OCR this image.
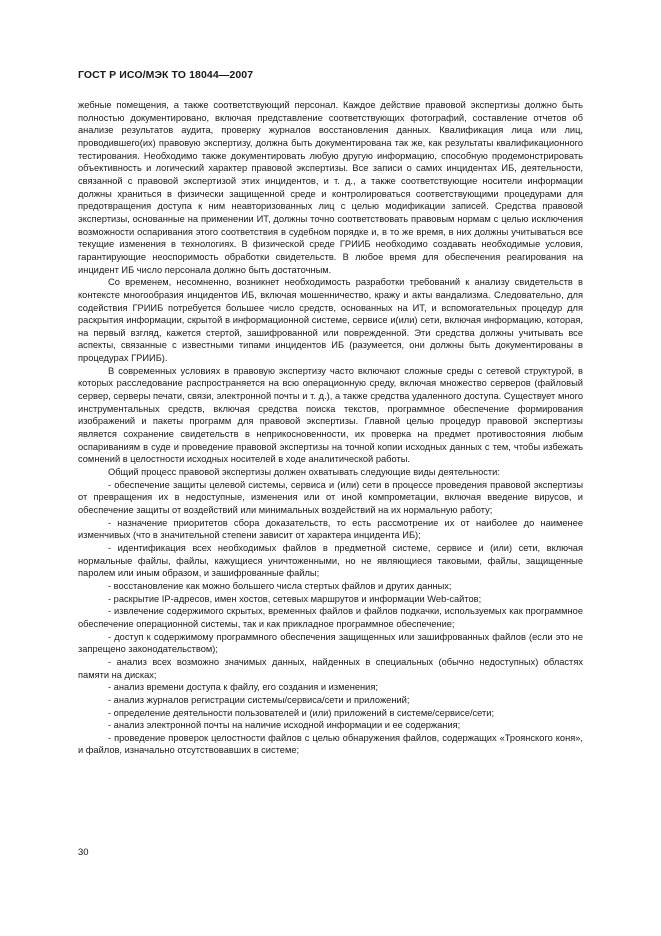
ГОСТ Р ИСО/МЭК ТО 18044—2007

жебные помещения, а также соответствующий персонал. Каждое действие правовой экспертизы должно быть полностью документировано, включая представление соответствующих фотографий, составление отчетов об анализе результатов аудита, проверку журналов восстановления данных. Квалификация лица или лиц, проводившего(их) правовую экспертизу, должна быть документирована так же, как результаты квалификационного тестирования. Необходимо также документировать любую другую информацию, способную продемонстрировать объективность и логический характер правовой экспертизы. Все записи о самих инцидентах ИБ, деятельности, связанной с правовой экспертизой этих инцидентов, и т. д., а также соответствующие носители информации должны храниться в физически защищенной среде и контролироваться соответствующими процедурами для предотвращения доступа к ним неавторизованных лиц с целью модификации записей. Средства правовой экспертизы, основанные на применении ИТ, должны точно соответствовать правовым нормам с целью исключения возможности оспаривания этого соответствия в судебном порядке и, в то же время, в них должны учитываться все текущие изменения в технологиях. В физической среде ГРИИБ необходимо создавать необходимые условия, гарантирующие неоспоримость обработки свидетельств. В любое время для обеспечения реагирования на инцидент ИБ число персонала должно быть достаточным.

Со временем, несомненно, возникнет необходимость разработки требований к анализу свидетельств в контексте многообразия инцидентов ИБ, включая мошенничество, кражу и акты вандализма. Следовательно, для содействия ГРИИБ потребуется большее число средств, основанных на ИТ, и вспомогательных процедур для раскрытия информации, скрытой в информационной системе, сервисе и(или) сети, включая информацию, которая, на первый взгляд, кажется стертой, зашифрованной или поврежденной. Эти средства должны учитывать все аспекты, связанные с известными типами инцидентов ИБ (разумеется, они должны быть документированы в процедурах ГРИИБ).

В современных условиях в правовую экспертизу часто включают сложные среды с сетевой структурой, в которых расследование распространяется на всю операционную среду, включая множество серверов (файловый сервер, серверы печати, связи, электронной почты и т. д.), а также средства удаленного доступа. Существует много инструментальных средств, включая средства поиска текстов, программное обеспечение формирования изображений и пакеты программ для правовой экспертизы. Главной целью процедур правовой экспертизы является сохранение свидетельств в неприкосновенности, их проверка на предмет противостояния любым оспариваниям в суде и проведение правовой экспертизы на точной копии исходных данных с тем, чтобы избежать сомнений в целостности исходных носителей в ходе аналитической работы.

Общий процесс правовой экспертизы должен охватывать следующие виды деятельности:

- обеспечение защиты целевой системы, сервиса и (или) сети в процессе проведения правовой экспертизы от превращения их в недоступные, изменения или от иной компрометации, включая введение вирусов, и обеспечение защиты от воздействий или минимальных воздействий на их нормальную работу;

- назначение приоритетов сбора доказательств, то есть рассмотрение их от наиболее до наименее изменчивых (что в значительной степени зависит от характера инцидента ИБ);

- идентификация всех необходимых файлов в предметной системе, сервисе и (или) сети, включая нормальные файлы, файлы, кажущиеся уничтоженными, но не являющиеся таковыми, файлы, защищенные паролем или иным образом, и зашифрованные файлы;

- восстановление как можно большего числа стертых файлов и других данных;

- раскрытие IP-адресов, имен хостов, сетевых маршрутов и информации Web-сайтов;

- извлечение содержимого скрытых, временных файлов и файлов подкачки, используемых как программное обеспечение операционной системы, так и как прикладное программное обеспечение;

- доступ к содержимому программного обеспечения защищенных или зашифрованных файлов (если это не запрещено законодательством);

- анализ всех возможно значимых данных, найденных в специальных (обычно недоступных) областях памяти на дисках;

- анализ времени доступа к файлу, его создания и изменения;

- анализ журналов регистрации системы/сервиса/сети и приложений;

- определение деятельности пользователей и (или) приложений в системе/сервисе/сети;

- анализ электронной почты на наличие исходной информации и ее содержания;

- проведение проверок целостности файлов с целью обнаружения файлов, содержащих «Троянского коня», и файлов, изначально отсутствовавших в системе;

30
